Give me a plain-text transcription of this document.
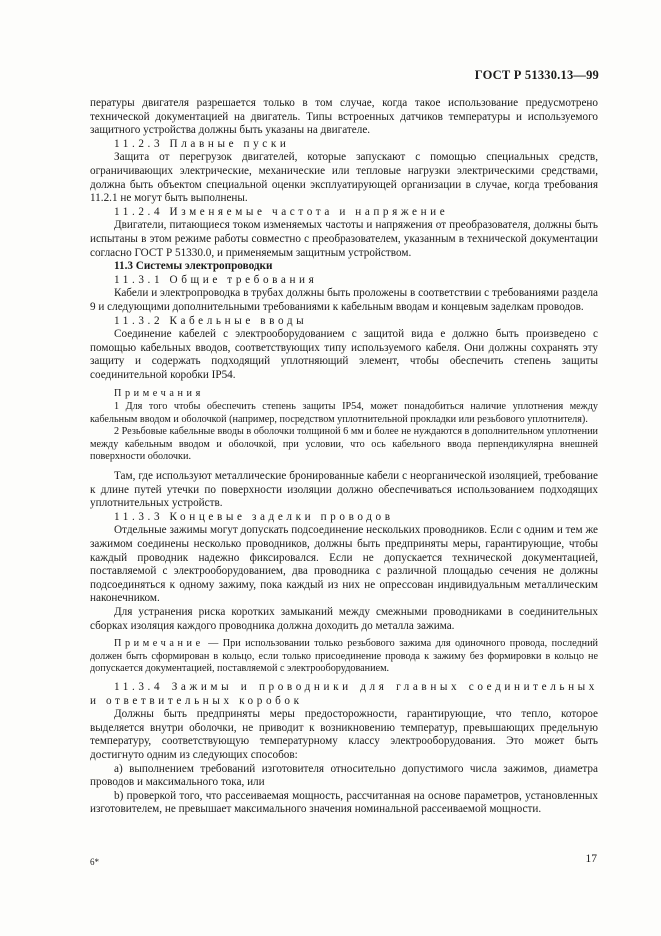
ГОСТ Р 51330.13—99

пературы двигателя разрешается только в том случае, когда такое использование предусмотрено технической документацией на двигатель. Типы встроенных датчиков температуры и используемого защитного устройства должны быть указаны на двигателе.

11.2.3 Плавные пуски

Защита от перегрузок двигателей, которые запускают с помощью специальных средств, ограничивающих электрические, механические или тепловые нагрузки электрическими средствами, должна быть объектом специальной оценки эксплуатирующей организации в случае, когда требования 11.2.1 не могут быть выполнены.

11.2.4 Изменяемые частота и напряжение

Двигатели, питающиеся током изменяемых частоты и напряжения от преобразователя, должны быть испытаны в этом режиме работы совместно с преобразователем, указанным в технической документации согласно ГОСТ Р 51330.0, и применяемым защитным устройством.

11.3 Системы электропроводки

11.3.1 Общие требования

Кабели и электропроводка в трубах должны быть проложены в соответствии с требованиями раздела 9 и следующими дополнительными требованиями к кабельным вводам и концевым заделкам проводов.

11.3.2 Кабельные вводы

Соединение кабелей с электрооборудованием с защитой вида е должно быть произведено с помощью кабельных вводов, соответствующих типу используемого кабеля. Они должны сохранять эту защиту и содержать подходящий уплотняющий элемент, чтобы обеспечить степень защиты соединительной коробки IP54.

Примечания

1 Для того чтобы обеспечить степень защиты IP54, может понадобиться наличие уплотнения между кабельным вводом и оболочкой (например, посредством уплотнительной прокладки или резьбового уплотнителя).

2 Резьбовые кабельные вводы в оболочки толщиной 6 мм и более не нуждаются в дополнительном уплотнении между кабельным вводом и оболочкой, при условии, что ось кабельного ввода перпендикулярна внешней поверхности оболочки.

Там, где используют металлические бронированные кабели с неорганической изоляцией, требование к длине путей утечки по поверхности изоляции должно обеспечиваться использованием подходящих уплотнительных устройств.

11.3.3 Концевые заделки проводов

Отдельные зажимы могут допускать подсоединение нескольких проводников. Если с одним и тем же зажимом соединены несколько проводников, должны быть предприняты меры, гарантирующие, чтобы каждый проводник надежно фиксировался. Если не допускается технической документацией, поставляемой с электрооборудованием, два проводника с различной площадью сечения не должны подсоединяться к одному зажиму, пока каждый из них не опрессован индивидуальным металлическим наконечником.

Для устранения риска коротких замыканий между смежными проводниками в соединительных сборках изоляция каждого проводника должна доходить до металла зажима.

Примечание — При использовании только резьбового зажима для одиночного провода, последний должен быть сформирован в кольцо, если только присоединение провода к зажиму без формировки в кольцо не допускается документацией, поставляемой с электрооборудованием.

11.3.4 Зажимы и проводники для главных соединительных и ответвительных коробок

Должны быть предприняты меры предосторожности, гарантирующие, что тепло, которое выделяется внутри оболочки, не приводит к возникновению температур, превышающих предельную температуру, соответствующую температурному классу электрооборудования. Это может быть достигнуто одним из следующих способов:

а) выполнением требований изготовителя относительно допустимого числа зажимов, диаметра проводов и максимального тока, или

b) проверкой того, что рассеиваемая мощность, рассчитанная на основе параметров, установленных изготовителем, не превышает максимального значения номинальной рассеиваемой мощности.

6*	17
